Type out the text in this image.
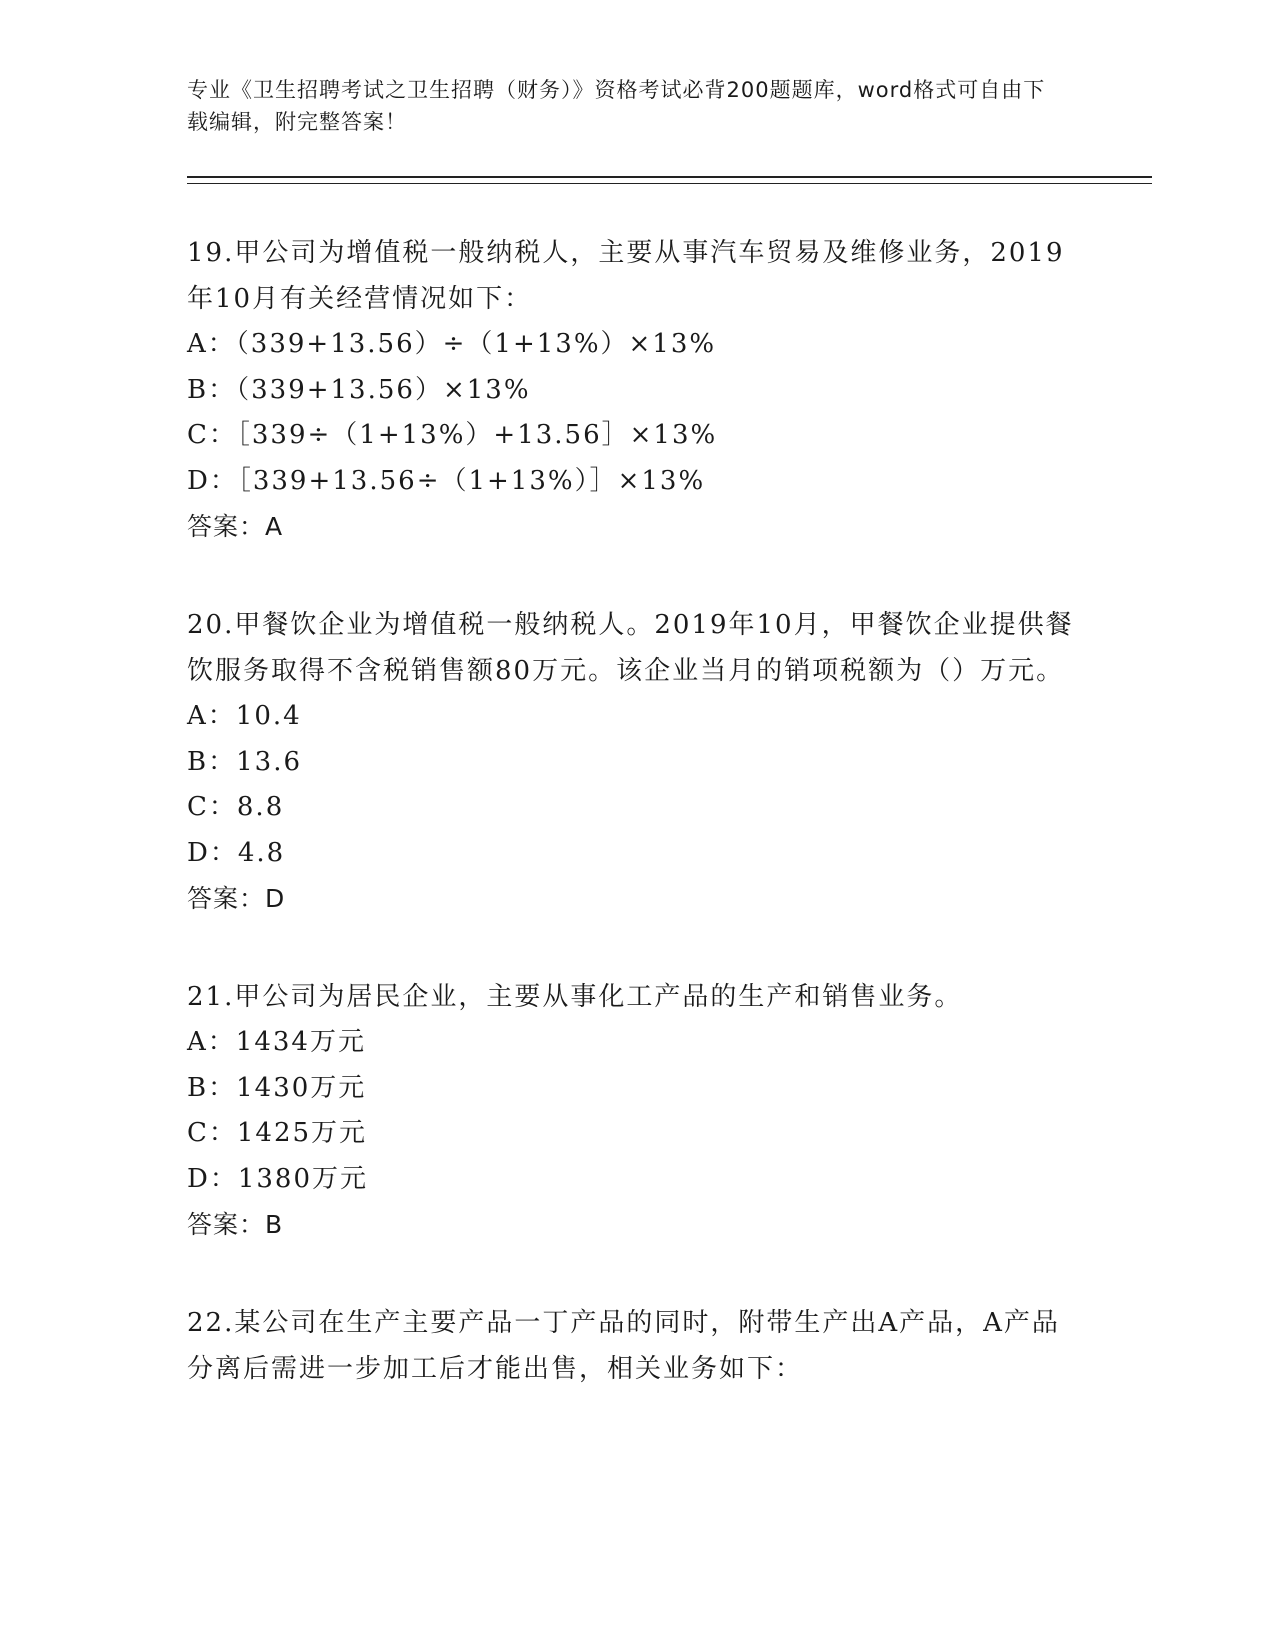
专业《卫生招聘考试之卫生招聘（财务）》资格考试必背200题题库，word格式可自由下载编辑，附完整答案！
19.甲公司为增值税一般纳税人，主要从事汽车贸易及维修业务，2019年10月有关经营情况如下：
A：（339+13.56）÷（1+13%）×13%
B：（339+13.56）×13%
C：［339÷（1+13%）+13.56］×13%
D：［339+13.56÷（1+13%）］×13%
答案：A
20.甲餐饮企业为增值税一般纳税人。2019年10月，甲餐饮企业提供餐饮服务取得不含税销售额80万元。该企业当月的销项税额为（）万元。
A：10.4
B：13.6
C：8.8
D：4.8
答案：D
21.甲公司为居民企业，主要从事化工产品的生产和销售业务。
A：1434万元
B：1430万元
C：1425万元
D：1380万元
答案：B
22.某公司在生产主要产品一丁产品的同时，附带生产出A产品，A产品分离后需进一步加工后才能出售，相关业务如下：
